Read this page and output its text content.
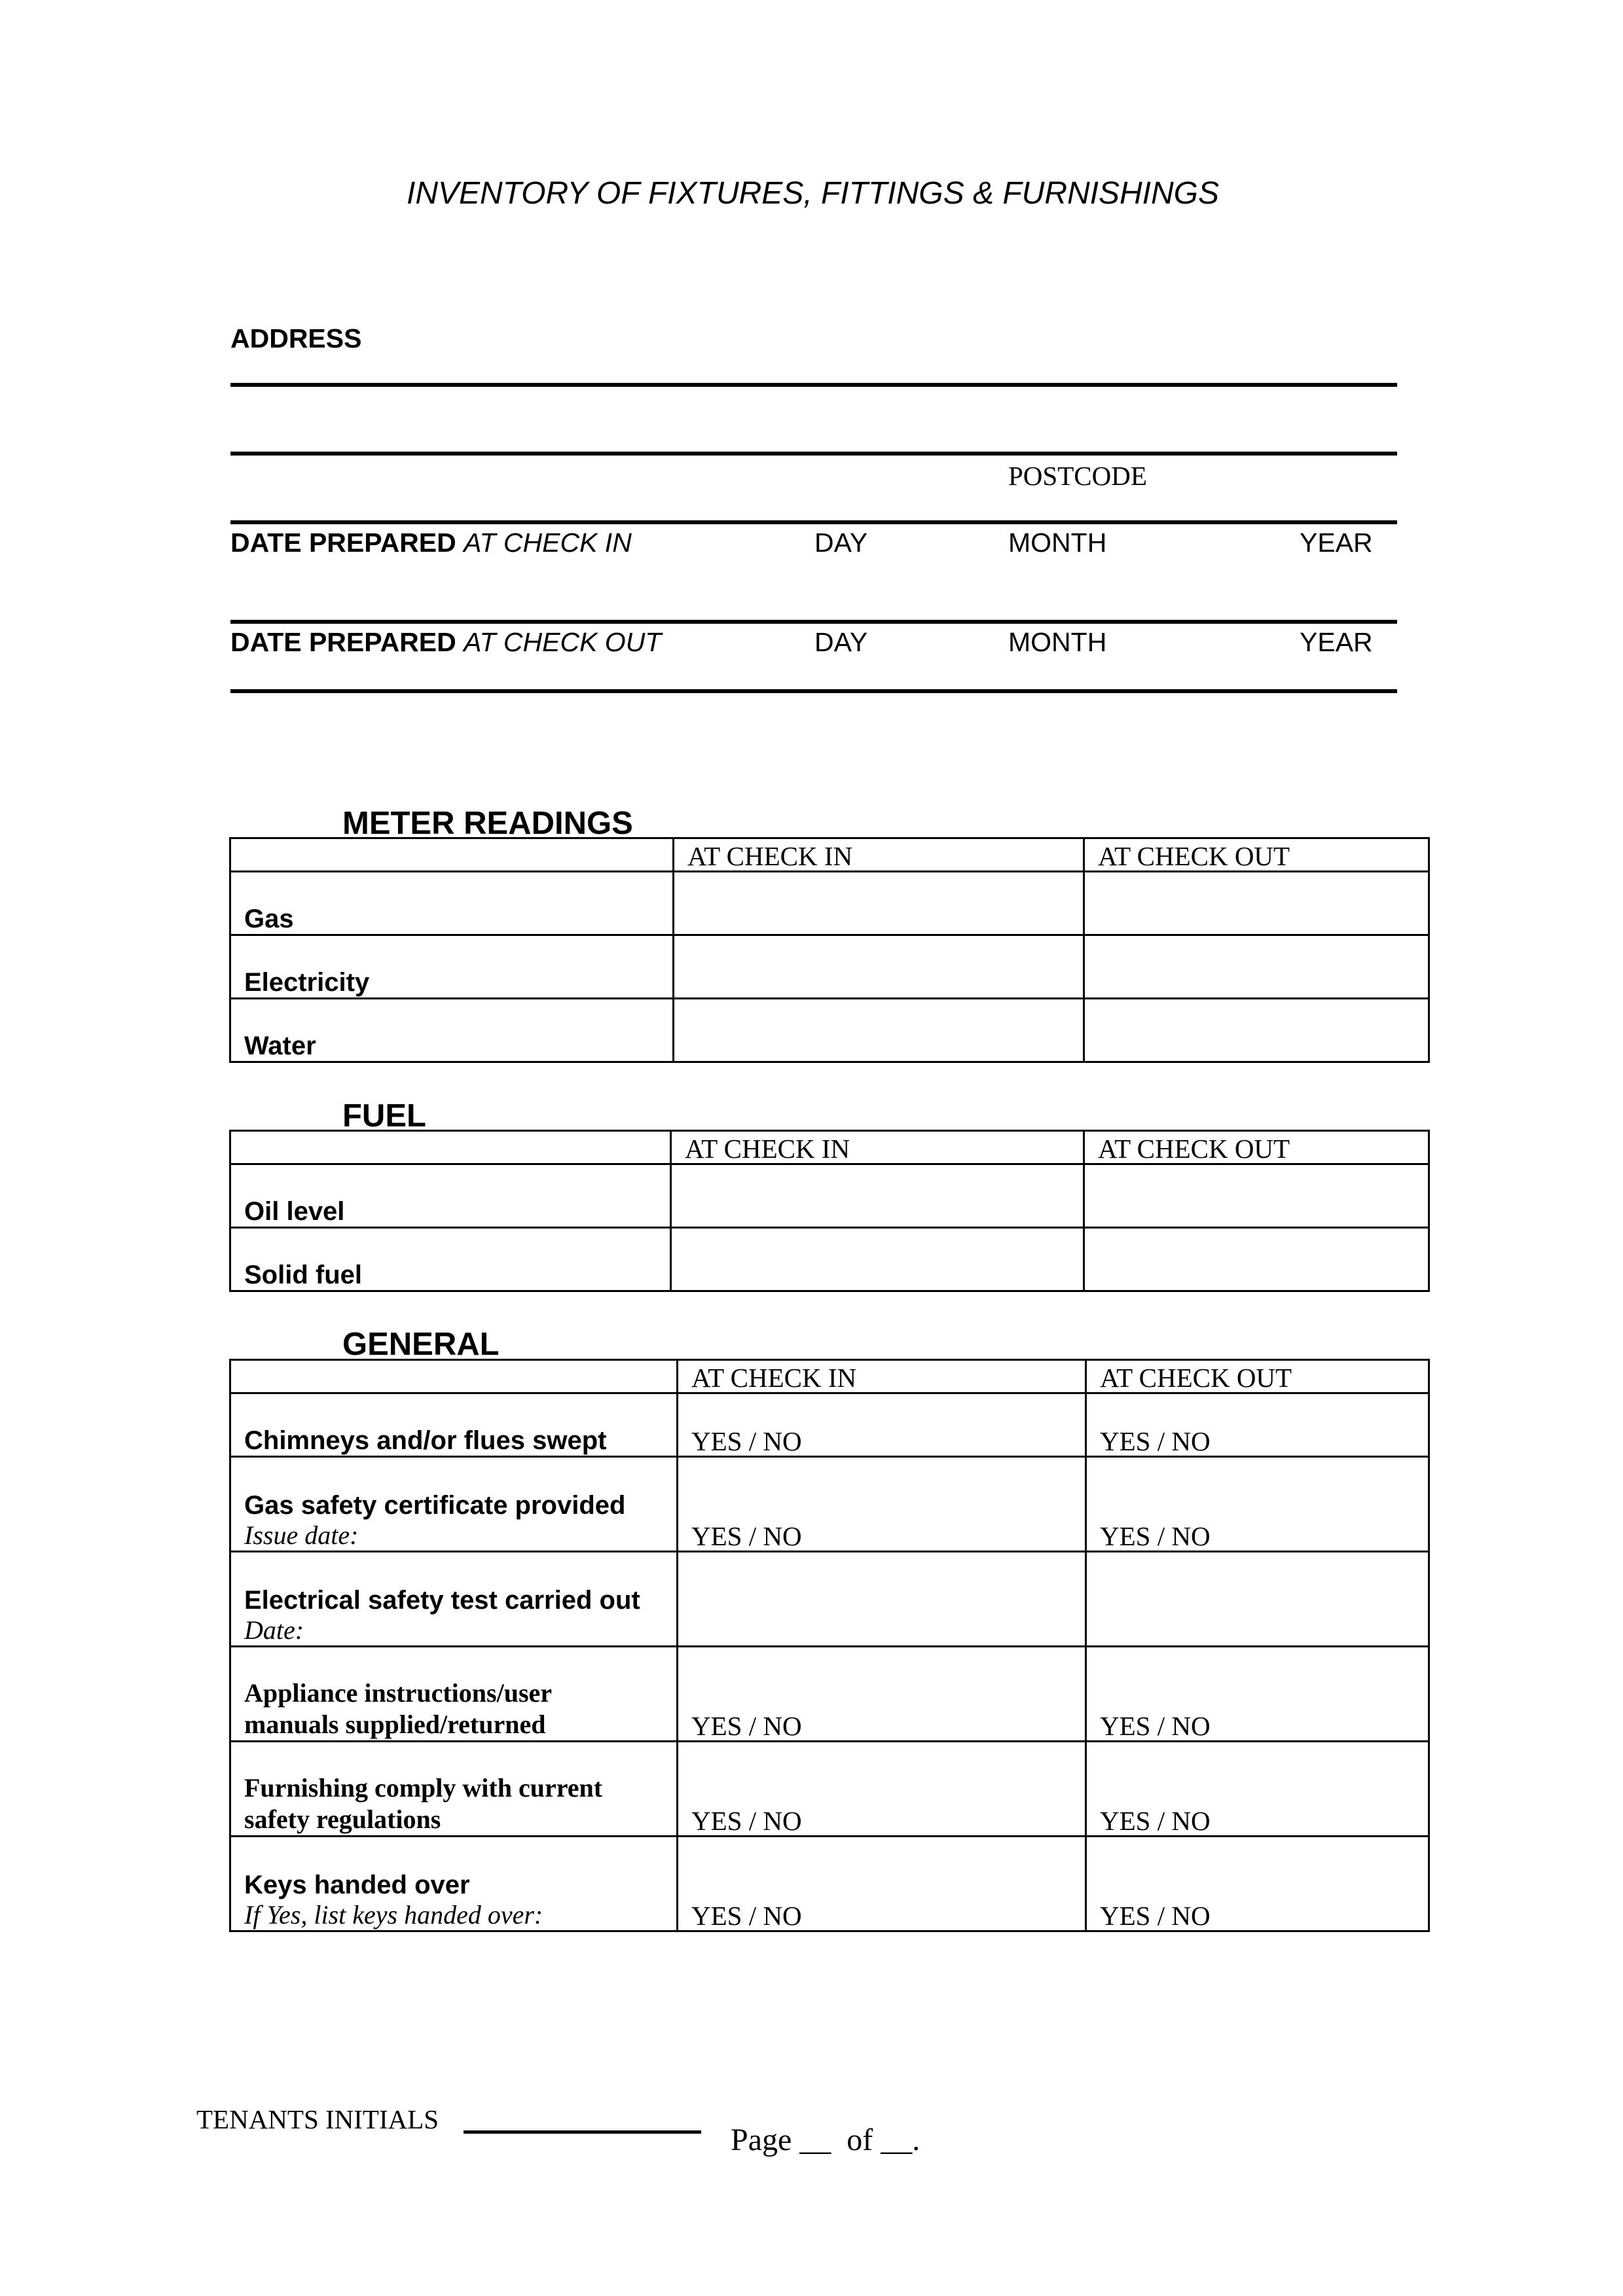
INVENTORY OF FIXTURES, FITTINGS & FURNISHINGS
ADDRESS
POSTCODE
DATE PREPARED AT CHECK IN	DAY	MONTH	YEAR
DATE PREPARED AT CHECK OUT	DAY	MONTH	YEAR
METER READINGS
	AT CHECK IN	AT CHECK OUT
Gas		
Electricity		
Water		
FUEL
	AT CHECK IN	AT CHECK OUT
Oil level		
Solid fuel		
GENERAL
	AT CHECK IN	AT CHECK OUT
Chimneys and/or flues swept	YES / NO	YES / NO

Gas safety certificate provided
Issue date:	YES / NO	YES / NO

Electrical safety test carried out
Date:		

Appliance instructions/user
manuals supplied/returned	YES / NO	YES / NO

Furnishing comply with current
safety regulations	YES / NO	YES / NO

Keys handed over
If Yes, list keys handed over:	YES / NO	YES / NO
TENANTS INITIALS
Page __  of __.
